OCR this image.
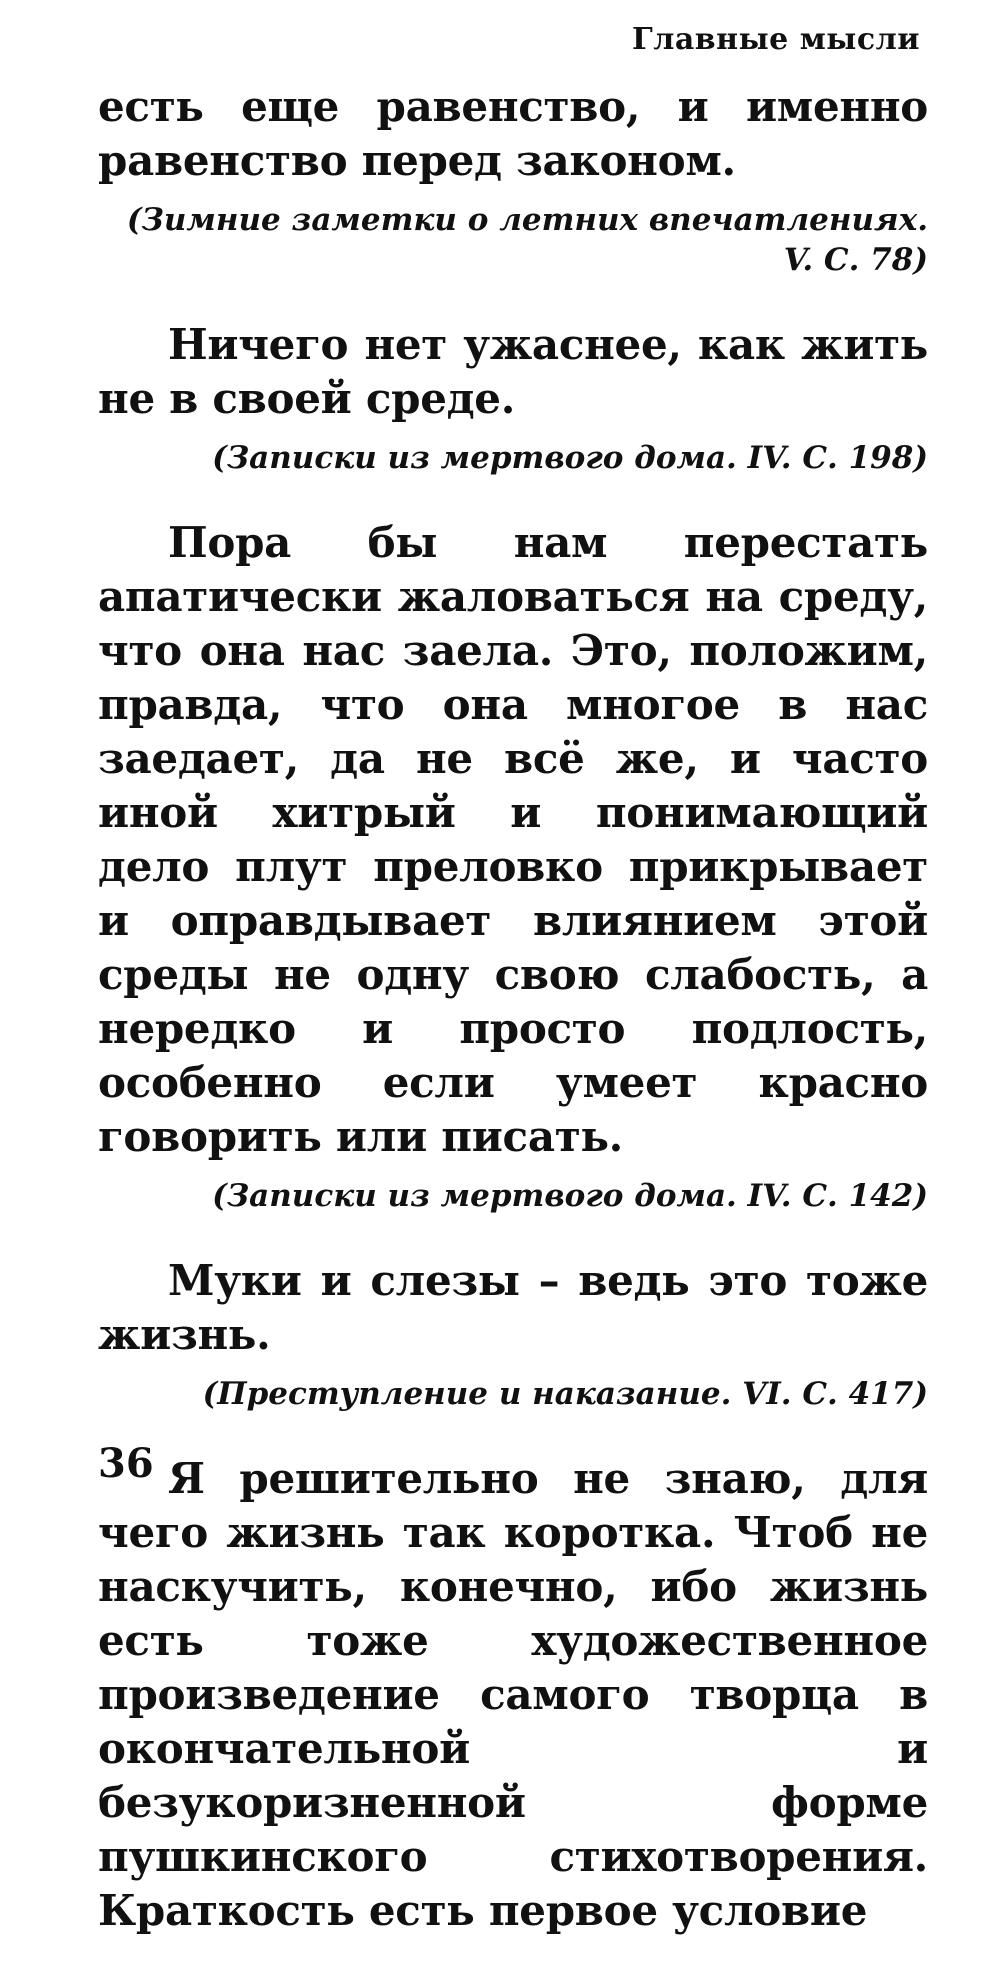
Главные мысли
есть еще равенство, и именно равенство перед законом.
(Зимние заметки о летних впечатлениях. V. С. 78)
Ничего нет ужаснее, как жить не в своей среде.
(Записки из мертвого дома. IV. С. 198)
Пора бы нам перестать апатически жаловаться на среду, что она нас заела. Это, положим, правда, что она многое в нас заедает, да не всё же, и часто иной хитрый и понимающий дело плут преловко прикрывает и оправдывает влиянием этой среды не одну свою слабость, а нередко и просто подлость, особенно если умеет красно говорить или писать.
(Записки из мертвого дома. IV. С. 142)
Муки и слезы – ведь это тоже жизнь.
(Преступление и наказание. VI. С. 417)
Я решительно не знаю, для чего жизнь так коротка. Чтоб не наскучить, конечно, ибо жизнь есть тоже художественное произведение самого творца в окончательной и безукоризненной форме пушкинского стихотворения. Краткость есть первое условие
36
